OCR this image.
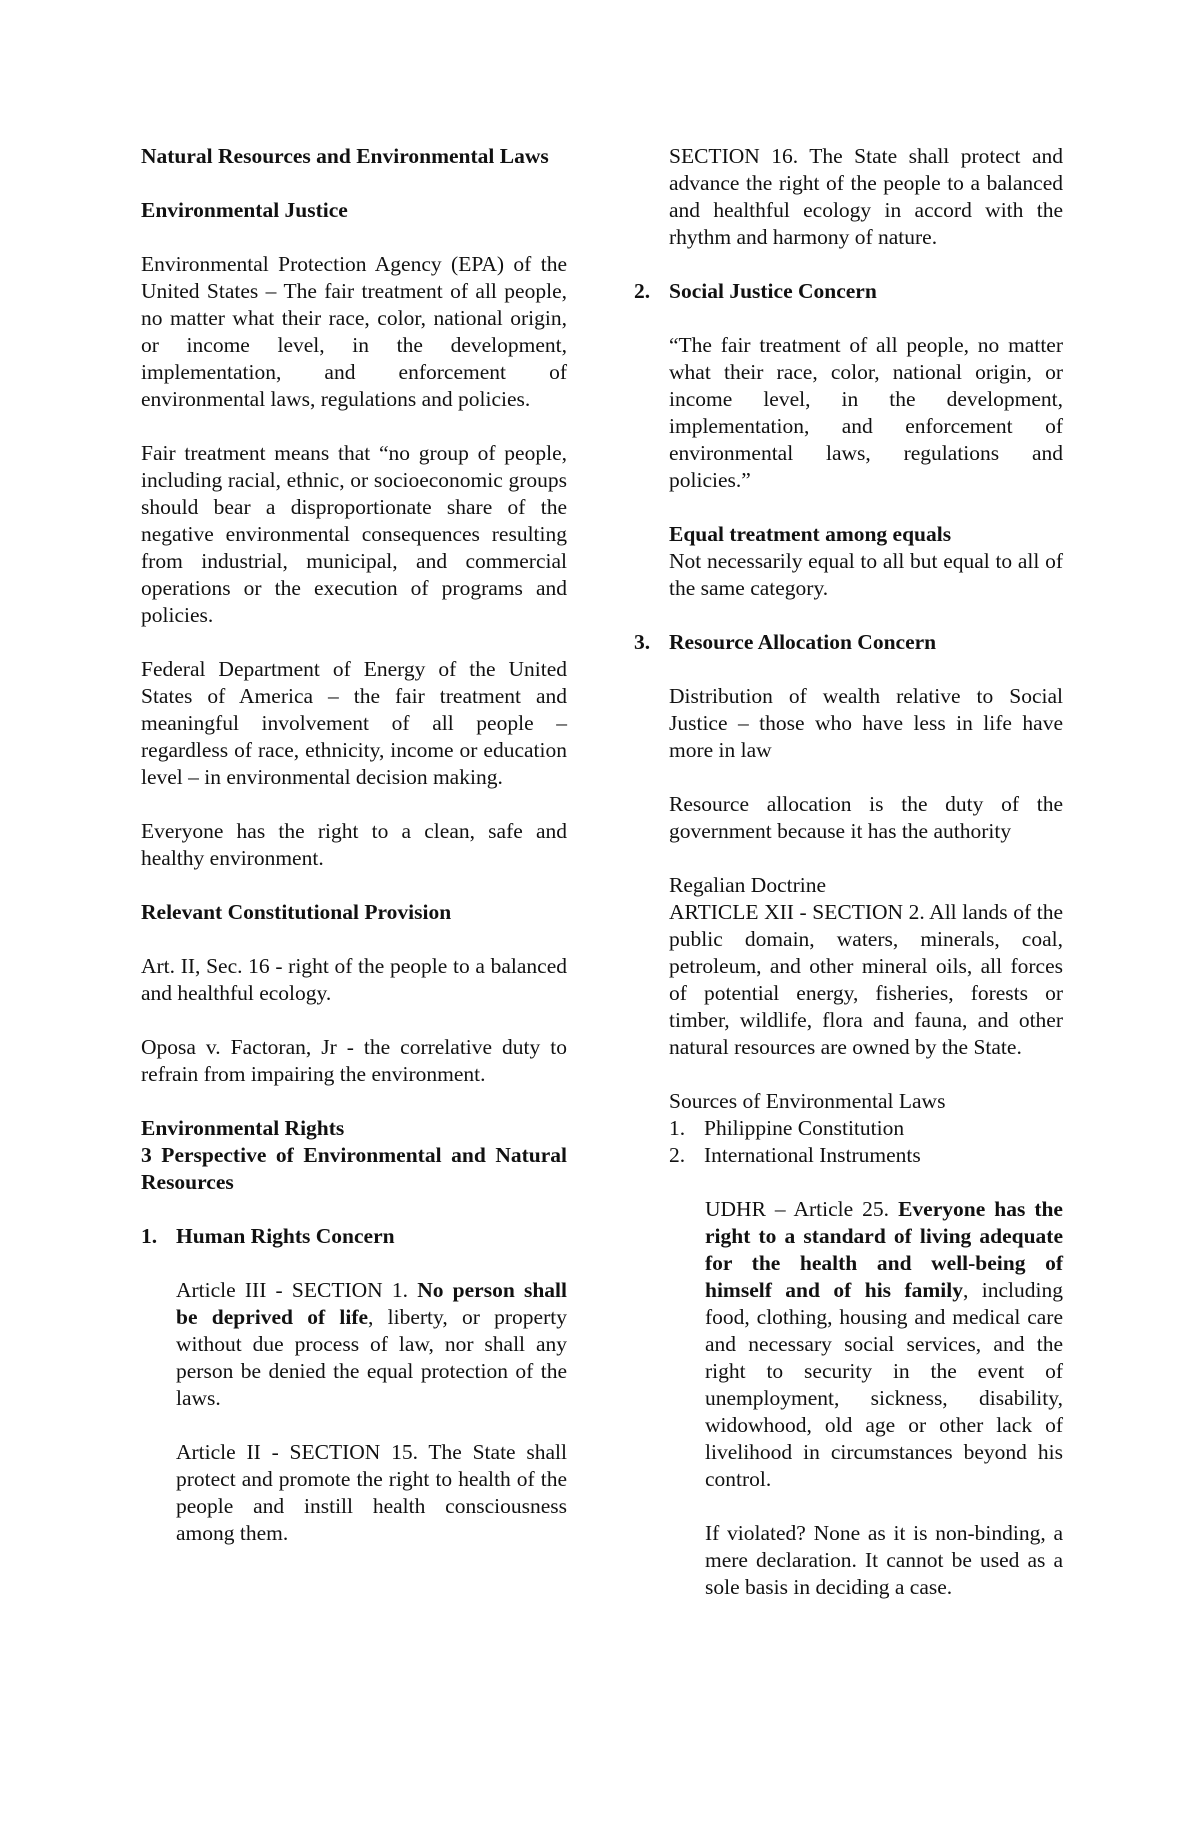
Natural Resources and Environmental Laws

Environmental Justice

Environmental Protection Agency (EPA) of the United States – The fair treatment of all people, no matter what their race, color, national origin, or income level, in the development, implementation, and enforcement of environmental laws, regulations and policies.

Fair treatment means that “no group of people, including racial, ethnic, or socioeconomic groups should bear a disproportionate share of the negative environmental consequences resulting from industrial, municipal, and commercial operations or the execution of programs and policies.

Federal Department of Energy of the United States of America – the fair treatment and meaningful involvement of all people – regardless of race, ethnicity, income or education level – in environmental decision making.

Everyone has the right to a clean, safe and healthy environment.

Relevant Constitutional Provision

Art. II, Sec. 16 - right of the people to a balanced and healthful ecology.

Oposa v. Factoran, Jr - the correlative duty to refrain from impairing the environment.

Environmental Rights

3 Perspective of Environmental and Natural Resources

1. Human Rights Concern

Article III - SECTION 1. No person shall be deprived of life, liberty, or property without due process of law, nor shall any person be denied the equal protection of the laws.

Article II - SECTION 15. The State shall protect and promote the right to health of the people and instill health consciousness among them.

SECTION 16. The State shall protect and advance the right of the people to a balanced and healthful ecology in accord with the rhythm and harmony of nature.

2. Social Justice Concern

“The fair treatment of all people, no matter what their race, color, national origin, or income level, in the development, implementation, and enforcement of environmental laws, regulations and policies.”

Equal treatment among equals

Not necessarily equal to all but equal to all of the same category.

3. Resource Allocation Concern

Distribution of wealth relative to Social Justice – those who have less in life have more in law

Resource allocation is the duty of the government because it has the authority

Regalian Doctrine

ARTICLE XII - SECTION 2. All lands of the public domain, waters, minerals, coal, petroleum, and other mineral oils, all forces of potential energy, fisheries, forests or timber, wildlife, flora and fauna, and other natural resources are owned by the State.

Sources of Environmental Laws

1. Philippine Constitution
2. International Instruments

UDHR – Article 25. Everyone has the right to a standard of living adequate for the health and well-being of himself and of his family, including food, clothing, housing and medical care and necessary social services, and the right to security in the event of unemployment, sickness, disability, widowhood, old age or other lack of livelihood in circumstances beyond his control.

If violated? None as it is non-binding, a mere declaration. It cannot be used as a sole basis in deciding a case.
